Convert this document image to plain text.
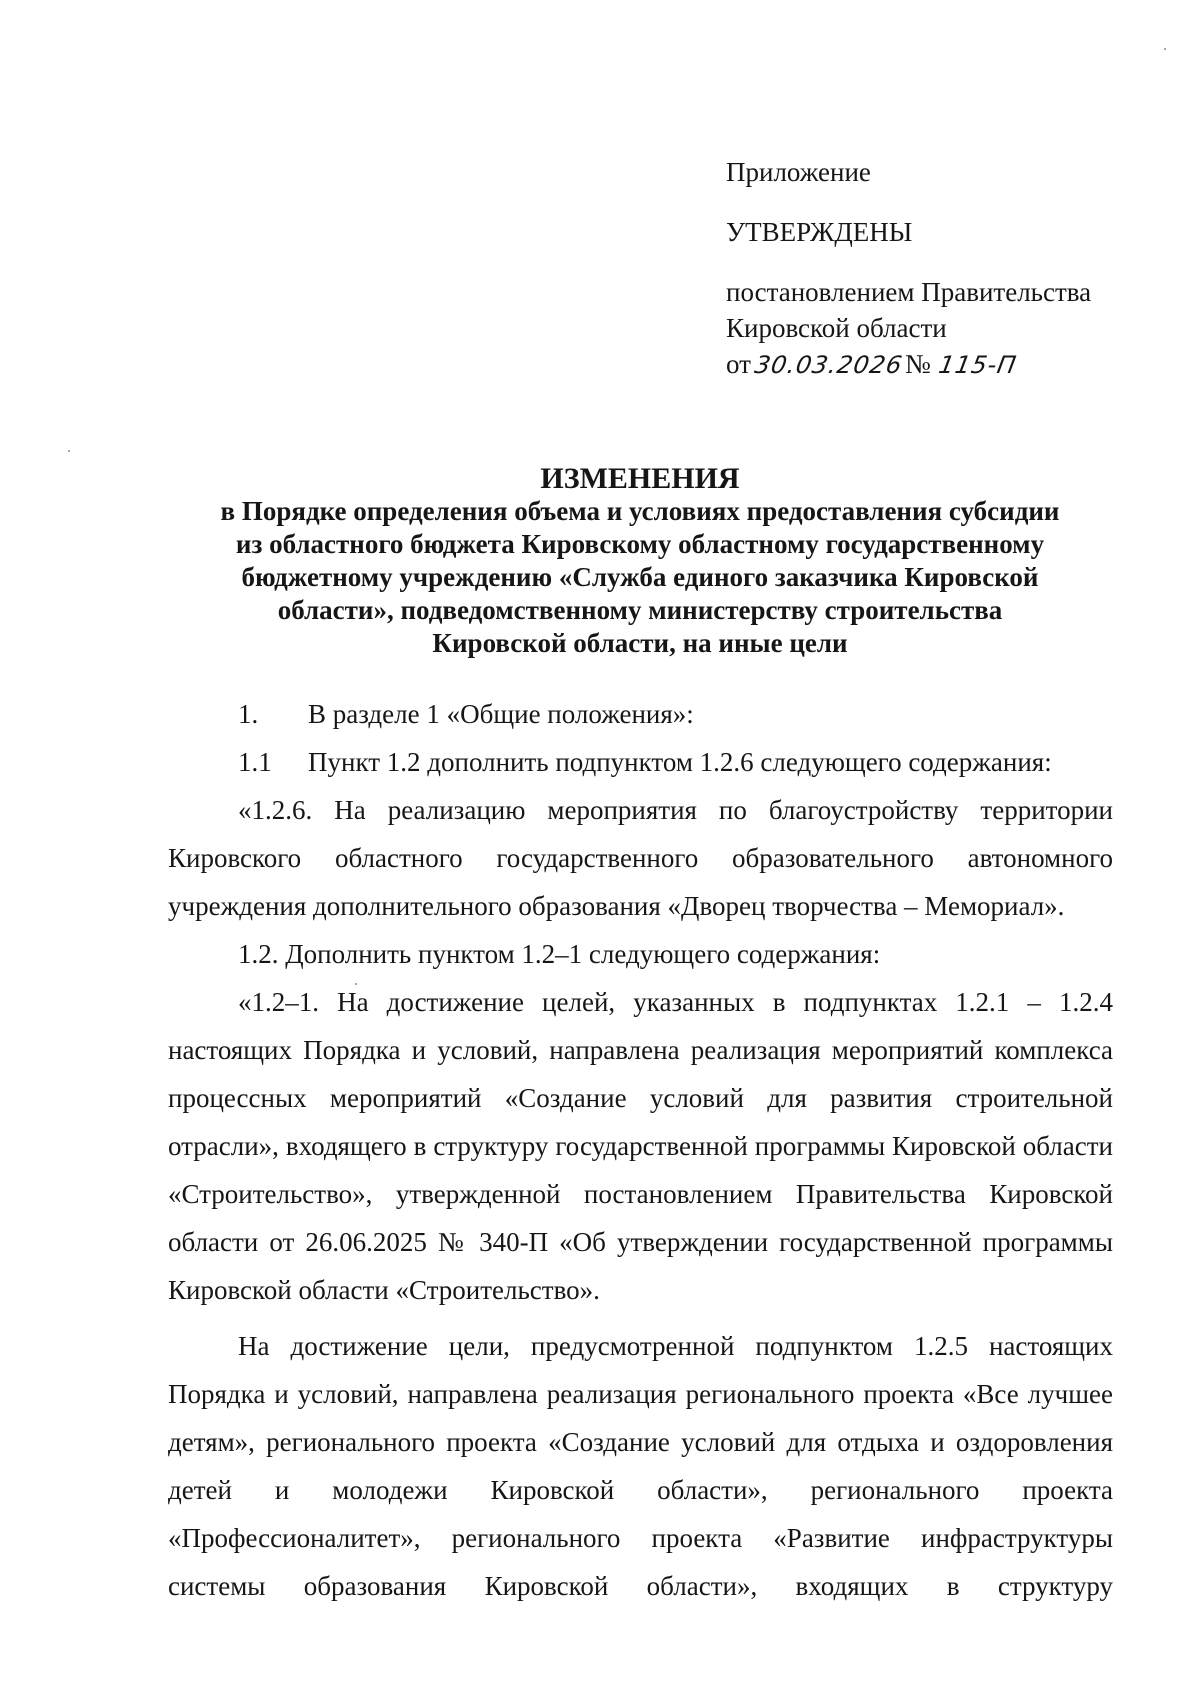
Приложение
УТВЕРЖДЕНЫ
постановлением Правительства
Кировской области
от30.03.2026№ 115-П
ИЗМЕНЕНИЯ
в Порядке определения объема и условиях предоставления субсидии
из областного бюджета Кировскому областному государственному
бюджетному учреждению «Служба единого заказчика Кировской
области», подведомственному министерству строительства
Кировской области, на иные цели

1. В разделе 1 «Общие положения»:

1.1 Пункт 1.2 дополнить подпунктом 1.2.6 следующего содержания:

«1.2.6. На реализацию мероприятия по благоустройству территории Кировского областного государственного образовательного автономного учреждения дополнительного образования «Дворец творчества – Мемориал».

1.2. Дополнить пунктом 1.2–1 следующего содержания:

«1.2–1. На достижение целей, указанных в подпунктах 1.2.1 – 1.2.4 настоящих Порядка и условий, направлена реализация мероприятий комплекса процессных мероприятий «Создание условий для развития строительной отрасли», входящего в структуру государственной программы Кировской области «Строительство», утвержденной постановлением Правительства Кировской области от 26.06.2025 № 340-П «Об утверждении государственной программы Кировской области «Строительство».

На достижение цели, предусмотренной подпунктом 1.2.5 настоящих Порядка и условий, направлена реализация регионального проекта «Все лучшее детям», регионального проекта «Создание условий для отдыха и оздоровления детей и молодежи Кировской области», регионального проекта «Профессионалитет», регионального проекта «Развитие инфраструктуры системы образования Кировской области», входящих в структуру
